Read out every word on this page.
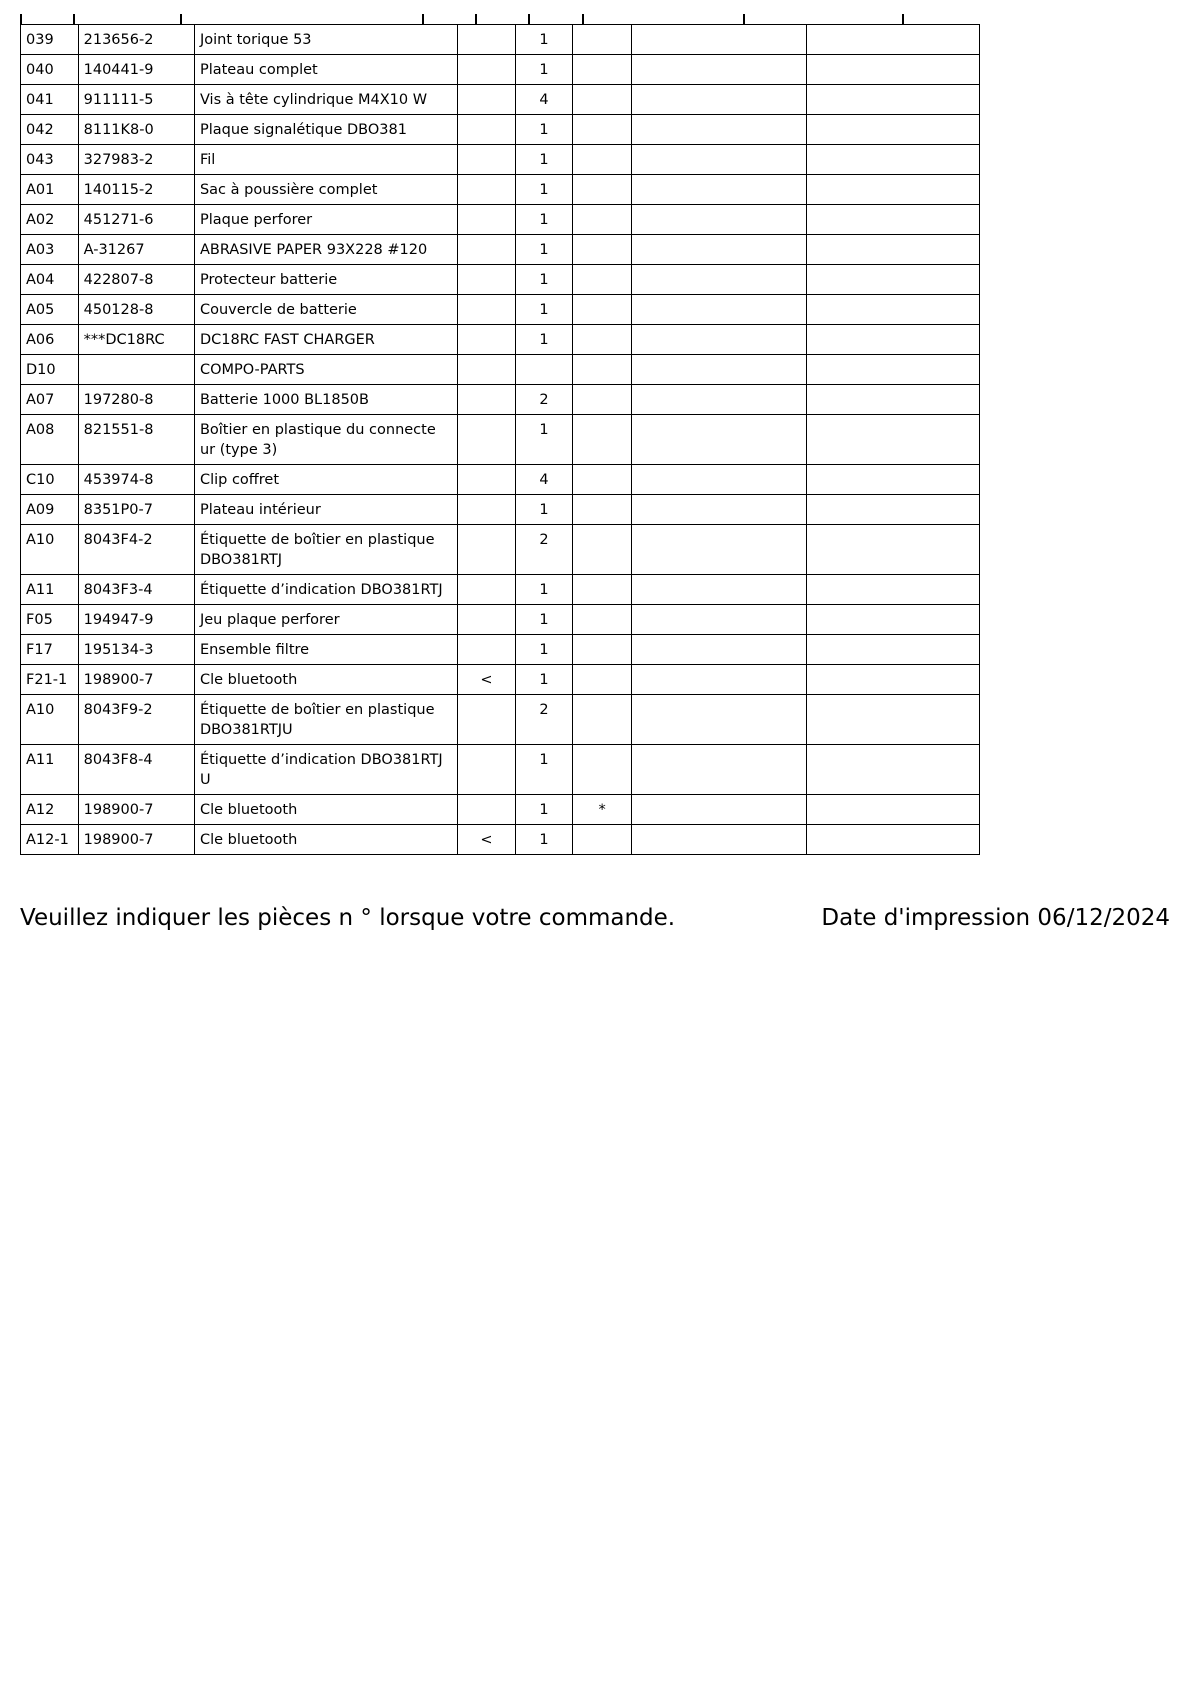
039	213656-2	Joint torique 53		1			
040	140441-9	Plateau complet		1			
041	911111-5	Vis à tête cylindrique M4X10 W		4			
042	8111K8-0	Plaque signalétique DBO381		1			
043	327983-2	Fil		1			
A01	140115-2	Sac à poussière complet		1			
A02	451271-6	Plaque perforer		1			
A03	A-31267	ABRASIVE PAPER 93X228 #120		1			
A04	422807-8	Protecteur batterie		1			
A05	450128-8	Couvercle de batterie		1			
A06	***DC18RC	DC18RC FAST CHARGER		1			
D10		COMPO-PARTS					
A07	197280-8	Batterie 1000 BL1850B		2			
A08	821551-8	Boîtier en plastique du connecte ur (type 3)		1			
C10	453974-8	Clip coffret		4			
A09	8351P0-7	Plateau intérieur		1			
A10	8043F4-2	Étiquette de boîtier en plastique DBO381RTJ		2			
A11	8043F3-4	Étiquette d’indication DBO381RTJ		1			
F05	194947-9	Jeu plaque perforer		1			
F17	195134-3	Ensemble filtre		1			
F21-1	198900-7	Cle bluetooth	<	1			
A10	8043F9-2	Étiquette de boîtier en plastique DBO381RTJU		2			
A11	8043F8-4	Étiquette d’indication DBO381RTJ U		1			
A12	198900-7	Cle bluetooth		1	*		
A12-1	198900-7	Cle bluetooth	<	1			
Veuillez indiquer les pièces n ° lorsque votre commande.	Date d'impression 06/12/2024
